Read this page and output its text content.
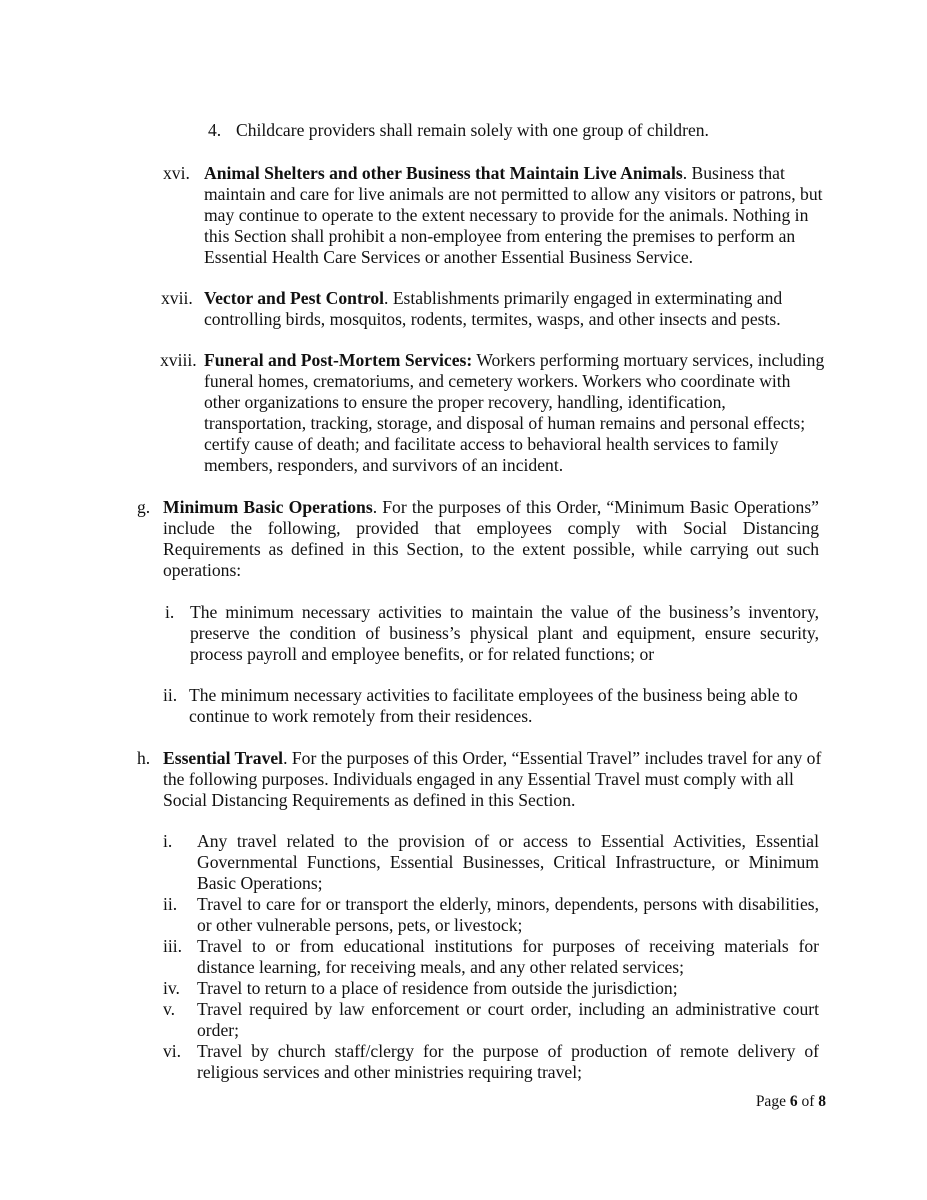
4. Childcare providers shall remain solely with one group of children.
xvi. Animal Shelters and other Business that Maintain Live Animals. Business that maintain and care for live animals are not permitted to allow any visitors or patrons, but may continue to operate to the extent necessary to provide for the animals. Nothing in this Section shall prohibit a non-employee from entering the premises to perform an Essential Health Care Services or another Essential Business Service.
xvii. Vector and Pest Control. Establishments primarily engaged in exterminating and controlling birds, mosquitos, rodents, termites, wasps, and other insects and pests.
xviii. Funeral and Post-Mortem Services: Workers performing mortuary services, including funeral homes, crematoriums, and cemetery workers. Workers who coordinate with other organizations to ensure the proper recovery, handling, identification, transportation, tracking, storage, and disposal of human remains and personal effects; certify cause of death; and facilitate access to behavioral health services to family members, responders, and survivors of an incident.
g. Minimum Basic Operations. For the purposes of this Order, “Minimum Basic Operations” include the following, provided that employees comply with Social Distancing Requirements as defined in this Section, to the extent possible, while carrying out such operations:
i. The minimum necessary activities to maintain the value of the business’s inventory, preserve the condition of business’s physical plant and equipment, ensure security, process payroll and employee benefits, or for related functions; or
ii. The minimum necessary activities to facilitate employees of the business being able to continue to work remotely from their residences.
h. Essential Travel. For the purposes of this Order, “Essential Travel” includes travel for any of the following purposes. Individuals engaged in any Essential Travel must comply with all Social Distancing Requirements as defined in this Section.
i. Any travel related to the provision of or access to Essential Activities, Essential Governmental Functions, Essential Businesses, Critical Infrastructure, or Minimum Basic Operations;
ii. Travel to care for or transport the elderly, minors, dependents, persons with disabilities, or other vulnerable persons, pets, or livestock;
iii. Travel to or from educational institutions for purposes of receiving materials for distance learning, for receiving meals, and any other related services;
iv. Travel to return to a place of residence from outside the jurisdiction;
v. Travel required by law enforcement or court order, including an administrative court order;
vi. Travel by church staff/clergy for the purpose of production of remote delivery of religious services and other ministries requiring travel;
Page 6 of 8
